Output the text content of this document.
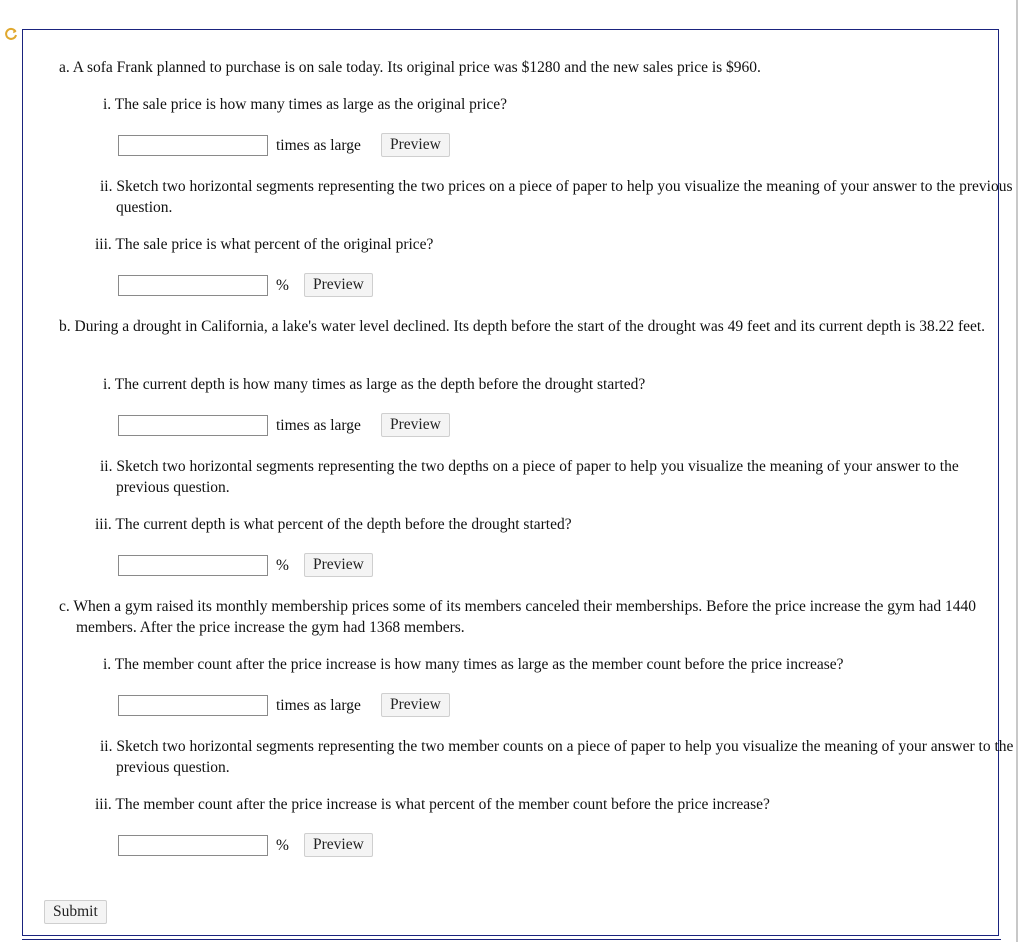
a. A sofa Frank planned to purchase is on sale today. Its original price was $1280 and the new sales price is $960.
i. The sale price is how many times as large as the original price?
times as large	Preview
ii. Sketch two horizontal segments representing the two prices on a piece of paper to help you visualize the meaning of your answer to the previous question.
iii. The sale price is what percent of the original price?
%	Preview
b. During a drought in California, a lake's water level declined. Its depth before the start of the drought was 49 feet and its current depth is 38.22 feet.
i. The current depth is how many times as large as the depth before the drought started?
times as large	Preview
ii. Sketch two horizontal segments representing the two depths on a piece of paper to help you visualize the meaning of your answer to the previous question.
iii. The current depth is what percent of the depth before the drought started?
%	Preview
c. When a gym raised its monthly membership prices some of its members canceled their memberships. Before the price increase the gym had 1440 members. After the price increase the gym had 1368 members.
i. The member count after the price increase is how many times as large as the member count before the price increase?
times as large	Preview
ii. Sketch two horizontal segments representing the two member counts on a piece of paper to help you visualize the meaning of your answer to the previous question.
iii. The member count after the price increase is what percent of the member count before the price increase?
%	Preview
Submit
